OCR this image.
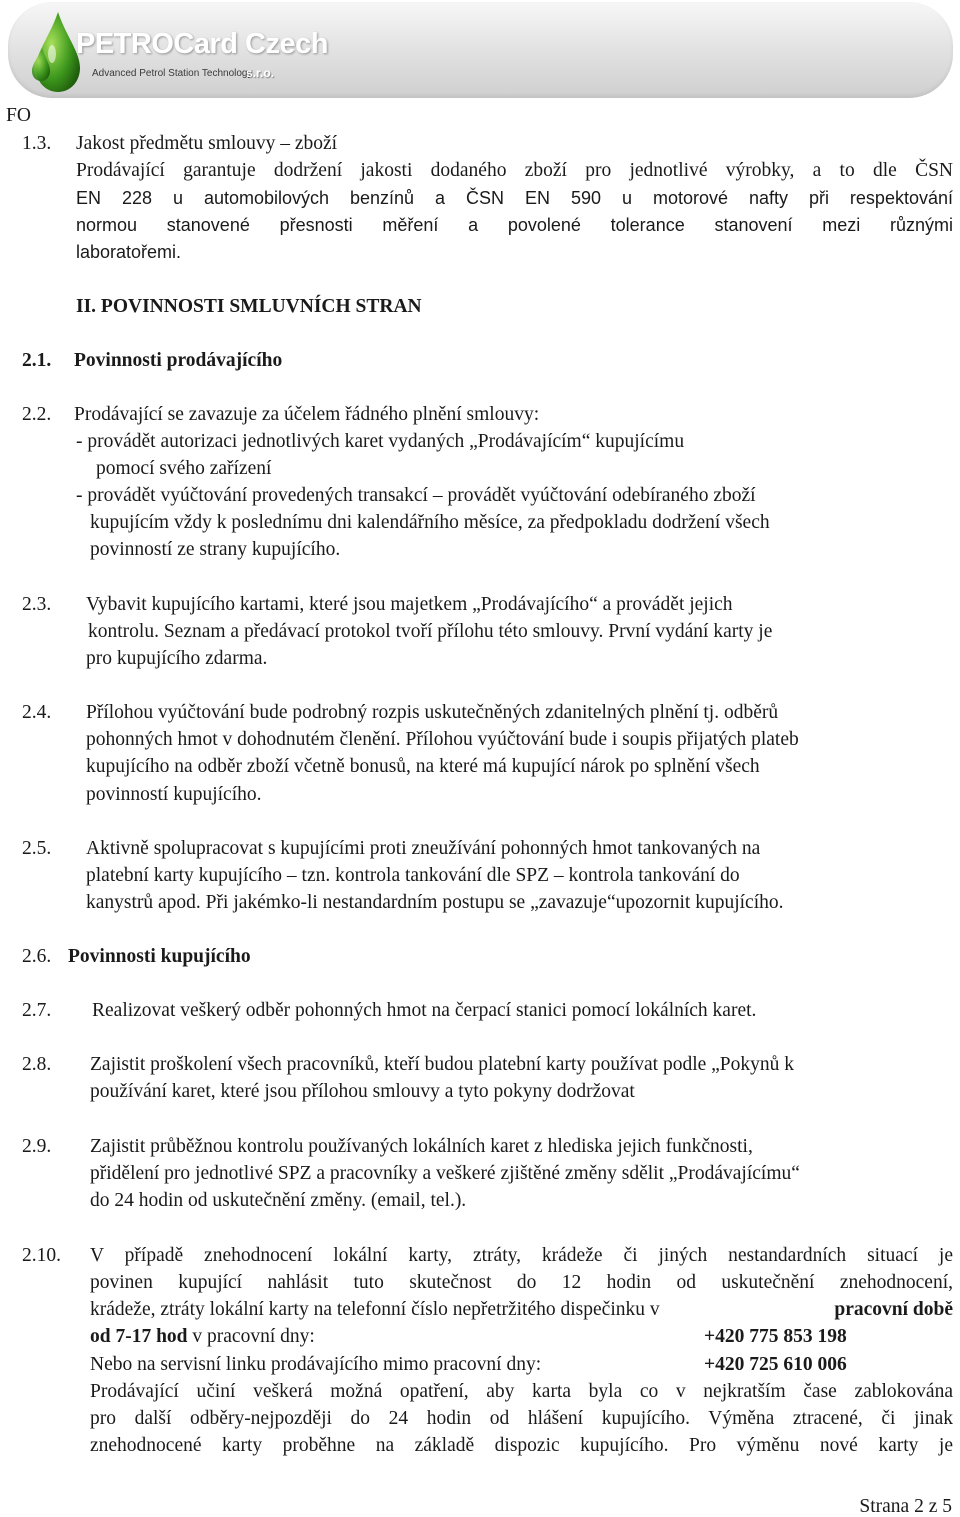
PETROCard Czech
Advanced Petrol Station Technology
s.r.o.
FO
1.3. Jakost předmětu smlouvy – zboží
Prodávající garantuje dodržení jakosti dodaného zboží pro jednotlivé výrobky, a to dle ČSN
EN 228 u automobilových benzínů a ČSN EN 590 u motorové nafty při respektování
normou stanovené přesnosti měření a povolené tolerance stanovení mezi různými
laboratořemi.
II. POVINNOSTI SMLUVNÍCH STRAN
2.1. Povinnosti prodávajícího
2.2. Prodávající se zavazuje za účelem řádného plnění smlouvy:
- provádět autorizaci jednotlivých karet vydaných „Prodávajícím“ kupujícímu
pomocí svého zařízení
- provádět vyúčtování provedených transakcí – provádět vyúčtování odebíraného zboží
kupujícím vždy k poslednímu dni kalendářního měsíce, za předpokladu dodržení všech
povinností ze strany kupujícího.
2.3. Vybavit kupujícího kartami, které jsou majetkem „Prodávajícího“ a provádět jejich
kontrolu. Seznam a předávací protokol tvoří přílohu této smlouvy. První vydání karty je
pro kupujícího zdarma.
2.4. Přílohou vyúčtování bude podrobný rozpis uskutečněných zdanitelných plnění tj. odběrů
pohonných hmot v dohodnutém členění. Přílohou vyúčtování bude i soupis přijatých plateb
kupujícího na odběr zboží včetně bonusů, na které má kupující nárok po splnění všech
povinností kupujícího.
2.5. Aktivně spolupracovat s kupujícími proti zneužívání pohonných hmot tankovaných na
platební karty kupujícího – tzn. kontrola tankování dle SPZ – kontrola tankování do
kanystrů apod. Při jakémko-li nestandardním postupu se „zavazuje“upozornit kupujícího.
2.6. Povinnosti kupujícího
2.7. Realizovat veškerý odběr pohonných hmot na čerpací stanici pomocí lokálních karet.
2.8. Zajistit proškolení všech pracovníků, kteří budou platební karty používat podle „Pokynů k
používání karet, které jsou přílohou smlouvy a tyto pokyny dodržovat
2.9. Zajistit průběžnou kontrolu používaných lokálních karet z hlediska jejich funkčnosti,
přidělení pro jednotlivé SPZ a pracovníky a veškeré zjištěné změny sdělit „Prodávajícímu“
do 24 hodin od uskutečnění změny. (email, tel.).
2.10. V případě znehodnocení lokální karty, ztráty, krádeže či jiných nestandardních situací je
povinen kupující nahlásit tuto skutečnost do 12 hodin od uskutečnění znehodnocení,
krádeže, ztráty lokální karty na telefonní číslo nepřetržitého dispečinku v	pracovní době
od 7-17 hod v pracovní dny:	+420 775 853 198
Nebo na servisní linku prodávajícího mimo pracovní dny:	+420 725 610 006
Prodávající učiní veškerá možná opatření, aby karta byla co v nejkratším čase zablokována
pro další odběry-nejpozději do 24 hodin od hlášení kupujícího. Výměna ztracené, či jinak
znehodnocené karty proběhne na základě dispozic kupujícího. Pro výměnu nové karty je
Strana 2 z 5
